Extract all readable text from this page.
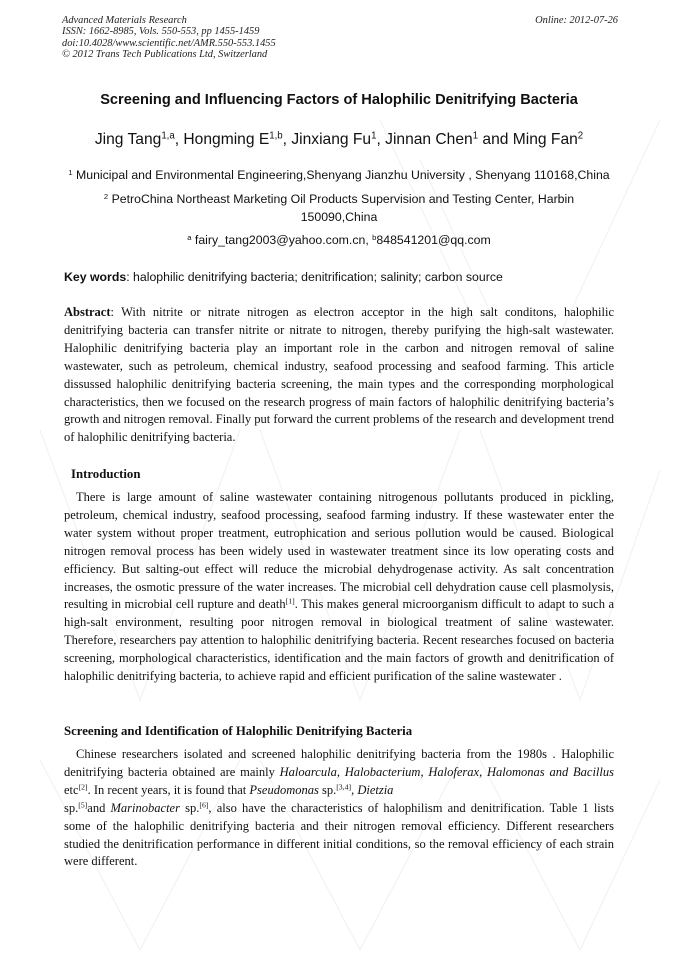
Advanced Materials Research
ISSN: 1662-8985, Vols. 550-553, pp 1455-1459
doi:10.4028/www.scientific.net/AMR.550-553.1455
© 2012 Trans Tech Publications Ltd, Switzerland
Online: 2012-07-26
Screening and Influencing Factors of Halophilic Denitrifying Bacteria
Jing Tang$^{1,a}$, Hongming E$^{1,b}$, Jinxiang Fu$^1$, Jinnan Chen$^1$ and Ming Fan$^2$
$^1$ Municipal and Environmental Engineering,Shenyang Jianzhu University , Shenyang 110168,China
$^2$ PetroChina Northeast Marketing Oil Products Supervision and Testing Center, Harbin 150090,China
$^a$ fairy_tang2003@yahoo.com.cn, $^b$848541201@qq.com
Key words: halophilic denitrifying bacteria; denitrification; salinity; carbon source
Abstract: With nitrite or nitrate nitrogen as electron acceptor in the high salt conditons, halophilic denitrifying bacteria can transfer nitrite or nitrate to nitrogen, thereby purifying the high-salt wastewater. Halophilic denitrifying bacteria play an important role in the carbon and nitrogen removal of saline wastewater, such as petroleum, chemical industry, seafood processing and seafood farming. This article dissussed halophilic denitrifying bacteria screening, the main types and the corresponding morphological characteristics, then we focused on the research progress of main factors of halophilic denitrifying bacteria’s growth and nitrogen removal. Finally put forward the current problems of the research and development trend of halophilic denitrifying bacteria.
Introduction
There is large amount of saline wastewater containing nitrogenous pollutants produced in pickling, petroleum, chemical industry, seafood processing, seafood farming industry. If these wastewater enter the water system without proper treatment, eutrophication and serious pollution would be caused. Biological nitrogen removal process has been widely used in wastewater treatment since its low operating costs and efficiency. But salting-out effect will reduce the microbial dehydrogenase activity. As salt concentration increases, the osmotic pressure of the water increases. The microbial cell dehydration cause cell plasmolysis, resulting in microbial cell rupture and death[1]. This makes general microorganism difficult to adapt to such a high-salt environment, resulting poor nitrogen removal in biological treatment of saline wastewater. Therefore, researchers pay attention to halophilic denitrifying bacteria. Recent researches focused on bacteria screening, morphological characteristics, identification and the main factors of growth and denitrification of halophilic denitrifying bacteria, to achieve rapid and efficient purification of the saline wastewater .
Screening and Identification of Halophilic Denitrifying Bacteria
Chinese researchers isolated and screened halophilic denitrifying bacteria from the 1980s . Halophilic denitrifying bacteria obtained are mainly Haloarcula, Halobacterium, Haloferax, Halomonas and Bacillus etc[2]. In recent years, it is found that Pseudomonas sp.[3,4], Dietzia
sp.[5]and Marinobacter sp.[6], also have the characteristics of halophilism and denitrification. Table 1 lists some of the halophilic denitrifying bacteria and their nitrogen removal efficiency. Different researchers studied the denitrification performance in different initial conditions, so the removal efficiency of each strain were different.
